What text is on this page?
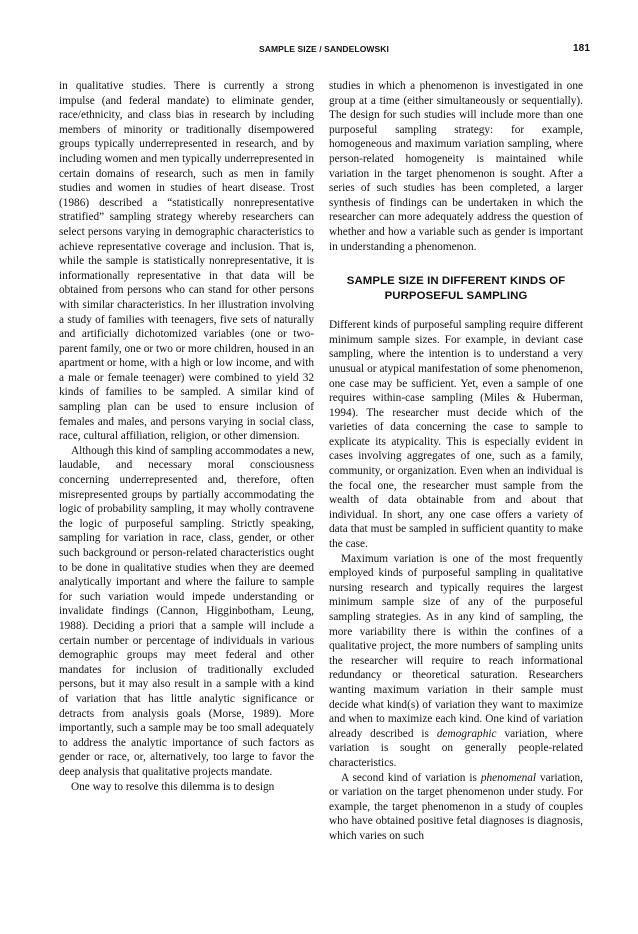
SAMPLE SIZE / SANDELOWSKI	181

in qualitative studies. There is currently a strong impulse (and federal mandate) to eliminate gender, race/ethnicity, and class bias in research by including members of minority or traditionally disempowered groups typically underrepresented in research, and by including women and men typically underrepresented in certain domains of research, such as men in family studies and women in studies of heart disease. Trost (1986) described a “statistically nonrepresentative stratified” sampling strategy whereby researchers can select persons varying in demographic characteristics to achieve representative coverage and inclusion. That is, while the sample is statistically nonrepresentative, it is informationally representative in that data will be obtained from persons who can stand for other persons with similar characteristics. In her illustration involving a study of families with teenagers, five sets of naturally and artificially dichotomized variables (one or two-parent family, one or two or more children, housed in an apartment or home, with a high or low income, and with a male or female teenager) were combined to yield 32 kinds of families to be sampled. A similar kind of sampling plan can be used to ensure inclusion of females and males, and persons varying in social class, race, cultural affiliation, religion, or other dimension.

Although this kind of sampling accommodates a new, laudable, and necessary moral consciousness concerning underrepresented and, therefore, often misrepresented groups by partially accommodating the logic of probability sampling, it may wholly contravene the logic of purposeful sampling. Strictly speaking, sampling for variation in race, class, gender, or other such background or person-related characteristics ought to be done in qualitative studies when they are deemed analytically important and where the failure to sample for such variation would impede understanding or invalidate findings (Cannon, Higginbotham, Leung, 1988). Deciding a priori that a sample will include a certain number or percentage of individuals in various demographic groups may meet federal and other mandates for inclusion of traditionally excluded persons, but it may also result in a sample with a kind of variation that has little analytic significance or detracts from analysis goals (Morse, 1989). More importantly, such a sample may be too small adequately to address the analytic importance of such factors as gender or race, or, alternatively, too large to favor the deep analysis that qualitative projects mandate.

One way to resolve this dilemma is to design

studies in which a phenomenon is investigated in one group at a time (either simultaneously or sequentially). The design for such studies will include more than one purposeful sampling strategy: for example, homogeneous and maximum variation sampling, where person-related homogeneity is maintained while variation in the target phenomenon is sought. After a series of such studies has been completed, a larger synthesis of findings can be undertaken in which the researcher can more adequately address the question of whether and how a variable such as gender is important in understanding a phenomenon.

SAMPLE SIZE IN DIFFERENT KINDS OF
PURPOSEFUL SAMPLING

Different kinds of purposeful sampling require different minimum sample sizes. For example, in deviant case sampling, where the intention is to understand a very unusual or atypical manifestation of some phenomenon, one case may be sufficient. Yet, even a sample of one requires within-case sampling (Miles & Huberman, 1994). The researcher must decide which of the varieties of data concerning the case to sample to explicate its atypicality. This is especially evident in cases involving aggregates of one, such as a family, community, or organization. Even when an individual is the focal one, the researcher must sample from the wealth of data obtainable from and about that individual. In short, any one case offers a variety of data that must be sampled in sufficient quantity to make the case.

Maximum variation is one of the most frequently employed kinds of purposeful sampling in qualitative nursing research and typically requires the largest minimum sample size of any of the purposeful sampling strategies. As in any kind of sampling, the more variability there is within the confines of a qualitative project, the more numbers of sampling units the researcher will require to reach informational redundancy or theoretical saturation. Researchers wanting maximum variation in their sample must decide what kind(s) of variation they want to maximize and when to maximize each kind. One kind of variation already described is demographic variation, where variation is sought on generally people-related characteristics.

A second kind of variation is phenomenal variation, or variation on the target phenomenon under study. For example, the target phenomenon in a study of couples who have obtained positive fetal diagnoses is diagnosis, which varies on such
